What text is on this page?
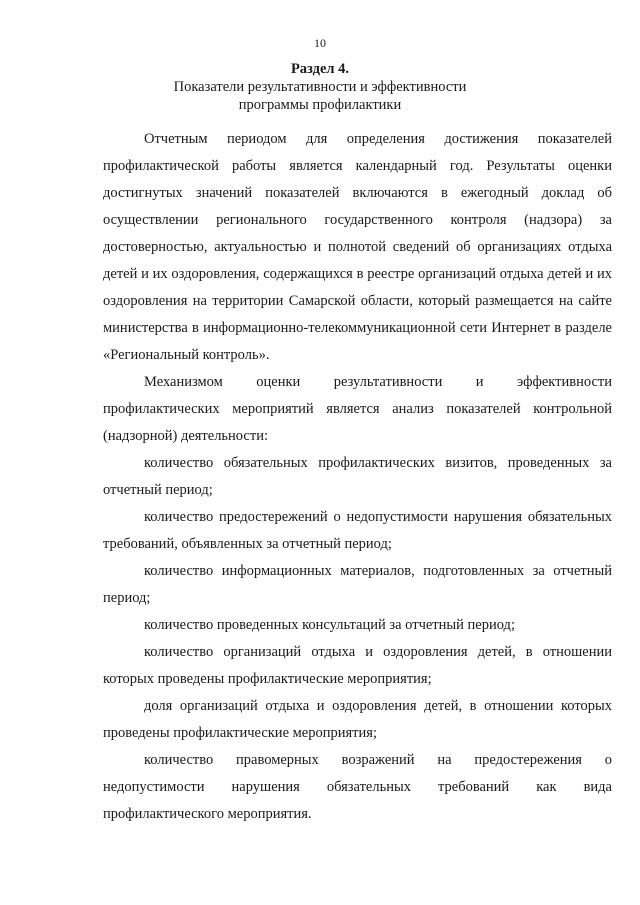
10
Раздел 4.
Показатели результативности и эффективности
программы профилактики

Отчетным периодом для определения достижения показателей профилактической работы является календарный год. Результаты оценки достигнутых значений показателей включаются в ежегодный доклад об осуществлении регионального государственного контроля (надзора) за достоверностью, актуальностью и полнотой сведений об организациях отдыха детей и их оздоровления, содержащихся в реестре организаций отдыха детей и их оздоровления на территории Самарской области, который размещается на сайте министерства в информационно-телекоммуникационной сети Интернет в разделе «Региональный контроль».

Механизмом оценки результативности и эффективности профилактических мероприятий является анализ показателей контрольной (надзорной) деятельности:

количество обязательных профилактических визитов, проведенных за отчетный период;

количество предостережений о недопустимости нарушения обязательных требований, объявленных за отчетный период;

количество информационных материалов, подготовленных за отчетный период;

количество проведенных консультаций за отчетный период;

количество организаций отдыха и оздоровления детей, в отношении которых проведены профилактические мероприятия;

доля организаций отдыха и оздоровления детей, в отношении которых проведены профилактические мероприятия;

количество правомерных возражений на предостережения о недопустимости нарушения обязательных требований как вида профилактического мероприятия.
